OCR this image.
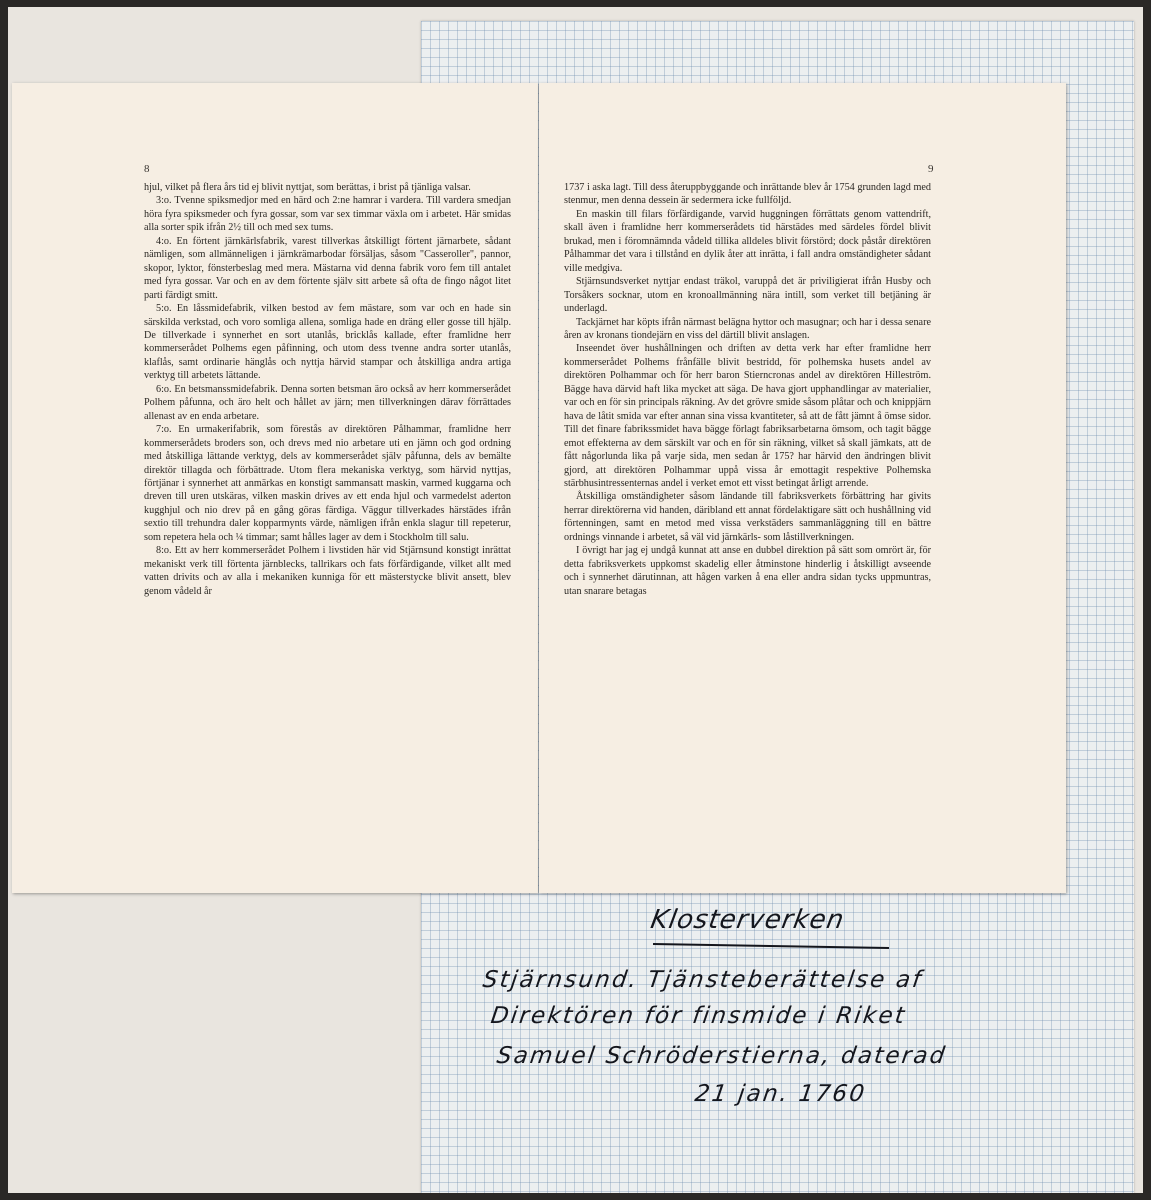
8

hjul, vilket på flera års tid ej blivit nyttjat, som berättas, i brist på tjänliga valsar.

3:o. Tvenne spiksmedjor med en härd och 2:ne hamrar i vardera. Till vardera smedjan höra fyra spiksmeder och fyra gossar, som var sex timmar växla om i arbetet. Här smidas alla sorter spik ifrån 2½ till och med sex tums.

4:o. En förtent järnkärlsfabrik, varest tillverkas åtskilligt förtent järnarbete, sådant nämligen, som allmänneligen i järnkrämarbodar försäljas, såsom "Casseroller", pannor, skopor, lyktor, fönsterbeslag med mera. Mästarna vid denna fabrik voro fem till antalet med fyra gossar. Var och en av dem förtente själv sitt arbete så ofta de fingo något litet parti färdigt smitt.

5:o. En låssmidefabrik, vilken bestod av fem mästare, som var och en hade sin särskilda verkstad, och voro somliga allena, somliga hade en dräng eller gosse till hjälp. De tillverkade i synnerhet en sort utanlås, bricklås kallade, efter framlidne herr kommerserådet Polhems egen påfinning, och utom dess tvenne andra sorter utanlås, klaflås, samt ordinarie hänglås och nyttja härvid stampar och åtskilliga andra artiga verktyg till arbetets lättande.

6:o. En betsmanssmidefabrik. Denna sorten betsman äro också av herr kommerserådet Polhem påfunna, och äro helt och hållet av järn; men tillverkningen därav förrättades allenast av en enda arbetare.

7:o. En urmakerifabrik, som förestås av direktören Pålhammar, framlidne herr kommerserådets broders son, och drevs med nio arbetare uti en jämn och god ordning med åtskilliga lättande verktyg, dels av kommerserådet själv påfunna, dels av bemälte direktör tillagda och förbättrade. Utom flera mekaniska verktyg, som härvid nyttjas, förtjänar i synnerhet att anmärkas en konstigt sammansatt maskin, varmed kuggarna och dreven till uren utskäras, vilken maskin drives av ett enda hjul och varmedelst aderton kugghjul och nio drev på en gång göras färdiga. Väggur tillverkades härstädes ifrån sextio till trehundra daler kopparmynts värde, nämligen ifrån enkla slagur till repeterur, som repetera hela och ¼ timmar; samt hålles lager av dem i Stockholm till salu.

8:o. Ett av herr kommerserådet Polhem i livstiden här vid Stjärnsund konstigt inrättat mekaniskt verk till förtenta järnblecks, tallrikars och fats förfärdigande, vilket allt med vatten drivits och av alla i mekaniken kunniga för ett mästerstycke blivit ansett, blev genom vådeld år

9

1737 i aska lagt. Till dess återuppbyggande och inrättande blev år 1754 grunden lagd med stenmur, men denna dessein är sedermera icke fullföljd.

En maskin till filars förfärdigande, varvid huggningen förrättats genom vattendrift, skall även i framlidne herr kommerserådets tid härstädes med särdeles fördel blivit brukad, men i föromnämnda vådeld tillika alldeles blivit förstörd; dock påstår direktören Pålhammar det vara i tillstånd en dylik åter att inrätta, i fall andra omständigheter sådant ville medgiva.

Stjärnsundsverket nyttjar endast träkol, varuppå det är priviligierat ifrån Husby och Torsåkers socknar, utom en kronoallmänning nära intill, som verket till betjäning är underlagd.

Tackjärnet har köpts ifrån närmast belägna hyttor och masugnar; och har i dessa senare åren av kronans tiondejärn en viss del därtill blivit anslagen.

Inseendet över hushållningen och driften av detta verk har efter framlidne herr kommerserådet Polhems frånfälle blivit bestridd, för polhemska husets andel av direktören Polhammar och för herr baron Stierncronas andel av direktören Hilleström. Bägge hava därvid haft lika mycket att säga. De hava gjort upphandlingar av materialier, var och en för sin principals räkning. Av det grövre smide såsom plåtar och och knippjärn hava de låtit smida var efter annan sina vissa kvantiteter, så att de fått jämnt å ömse sidor. Till det finare fabrikssmidet hava bägge förlagt fabriksarbetarna ömsom, och tagit bägge emot effekterna av dem särskilt var och en för sin räkning, vilket så skall jämkats, att de fått någorlunda lika på varje sida, men sedan år 175? har härvid den ändringen blivit gjord, att direktören Polhammar uppå vissa år emottagit respektive Polhemska stärbhusintressenternas andel i verket emot ett visst betingat årligt arrende.

Åtskilliga omständigheter såsom ländande till fabriksverkets förbättring har givits herrar direktörerna vid handen, däribland ett annat fördelaktigare sätt och hushållning vid förtenningen, samt en metod med vissa verkstäders sammanläggning till en bättre ordnings vinnande i arbetet, så väl vid järnkärls- som låstillverkningen.

I övrigt har jag ej undgå kunnat att anse en dubbel direktion på sätt som omrört är, för detta fabriksverkets uppkomst skadelig eller åtminstone hinderlig i åtskilligt avseende och i synnerhet därutinnan, att hågen varken å ena eller andra sidan tycks uppmuntras, utan snarare betagas

Klosterverken
Stjärnsund. Tjänsteberättelse af
Direktören för finsmide i Riket
Samuel Schröderstierna, daterad
21 jan. 1760
